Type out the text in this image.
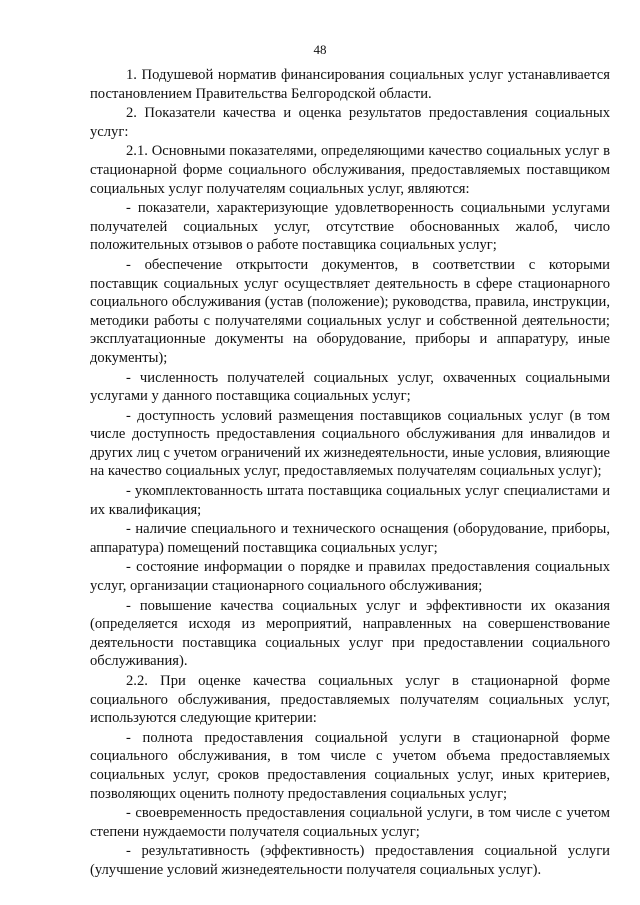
48

1. Подушевой норматив финансирования социальных услуг устанавливается постановлением Правительства Белгородской области.

2. Показатели качества и оценка результатов предоставления социальных услуг:

2.1. Основными показателями, определяющими качество социальных услуг в стационарной форме социального обслуживания, предоставляемых поставщиком социальных услуг получателям социальных услуг, являются:

- показатели, характеризующие удовлетворенность социальными услугами получателей социальных услуг, отсутствие обоснованных жалоб, число положительных отзывов о работе поставщика социальных услуг;

- обеспечение открытости документов, в соответствии с которыми поставщик социальных услуг осуществляет деятельность в сфере стационарного социального обслуживания (устав (положение); руководства, правила, инструкции, методики работы с получателями социальных услуг и собственной деятельности; эксплуатационные документы на оборудование, приборы и аппаратуру, иные документы);

- численность получателей социальных услуг, охваченных социальными услугами у данного поставщика социальных услуг;

- доступность условий размещения поставщиков социальных услуг (в том числе доступность предоставления социального обслуживания для инвалидов и других лиц с учетом ограничений их жизнедеятельности, иные условия, влияющие на качество социальных услуг, предоставляемых получателям социальных услуг);

- укомплектованность штата поставщика социальных услуг специалистами и их квалификация;

- наличие специального и технического оснащения (оборудование, приборы, аппаратура) помещений поставщика социальных услуг;

- состояние информации о порядке и правилах предоставления социальных услуг, организации стационарного социального обслуживания;

- повышение качества социальных услуг и эффективности их оказания (определяется исходя из мероприятий, направленных на совершенствование деятельности поставщика социальных услуг при предоставлении социального обслуживания).

2.2. При оценке качества социальных услуг в стационарной форме социального обслуживания, предоставляемых получателям социальных услуг, используются следующие критерии:

- полнота предоставления социальной услуги в стационарной форме социального обслуживания, в том числе с учетом объема предоставляемых социальных услуг, сроков предоставления социальных услуг, иных критериев, позволяющих оценить полноту предоставления социальных услуг;

- своевременность предоставления социальной услуги, в том числе с учетом степени нуждаемости получателя социальных услуг;

- результативность (эффективность) предоставления социальной услуги (улучшение условий жизнедеятельности получателя социальных услуг).
